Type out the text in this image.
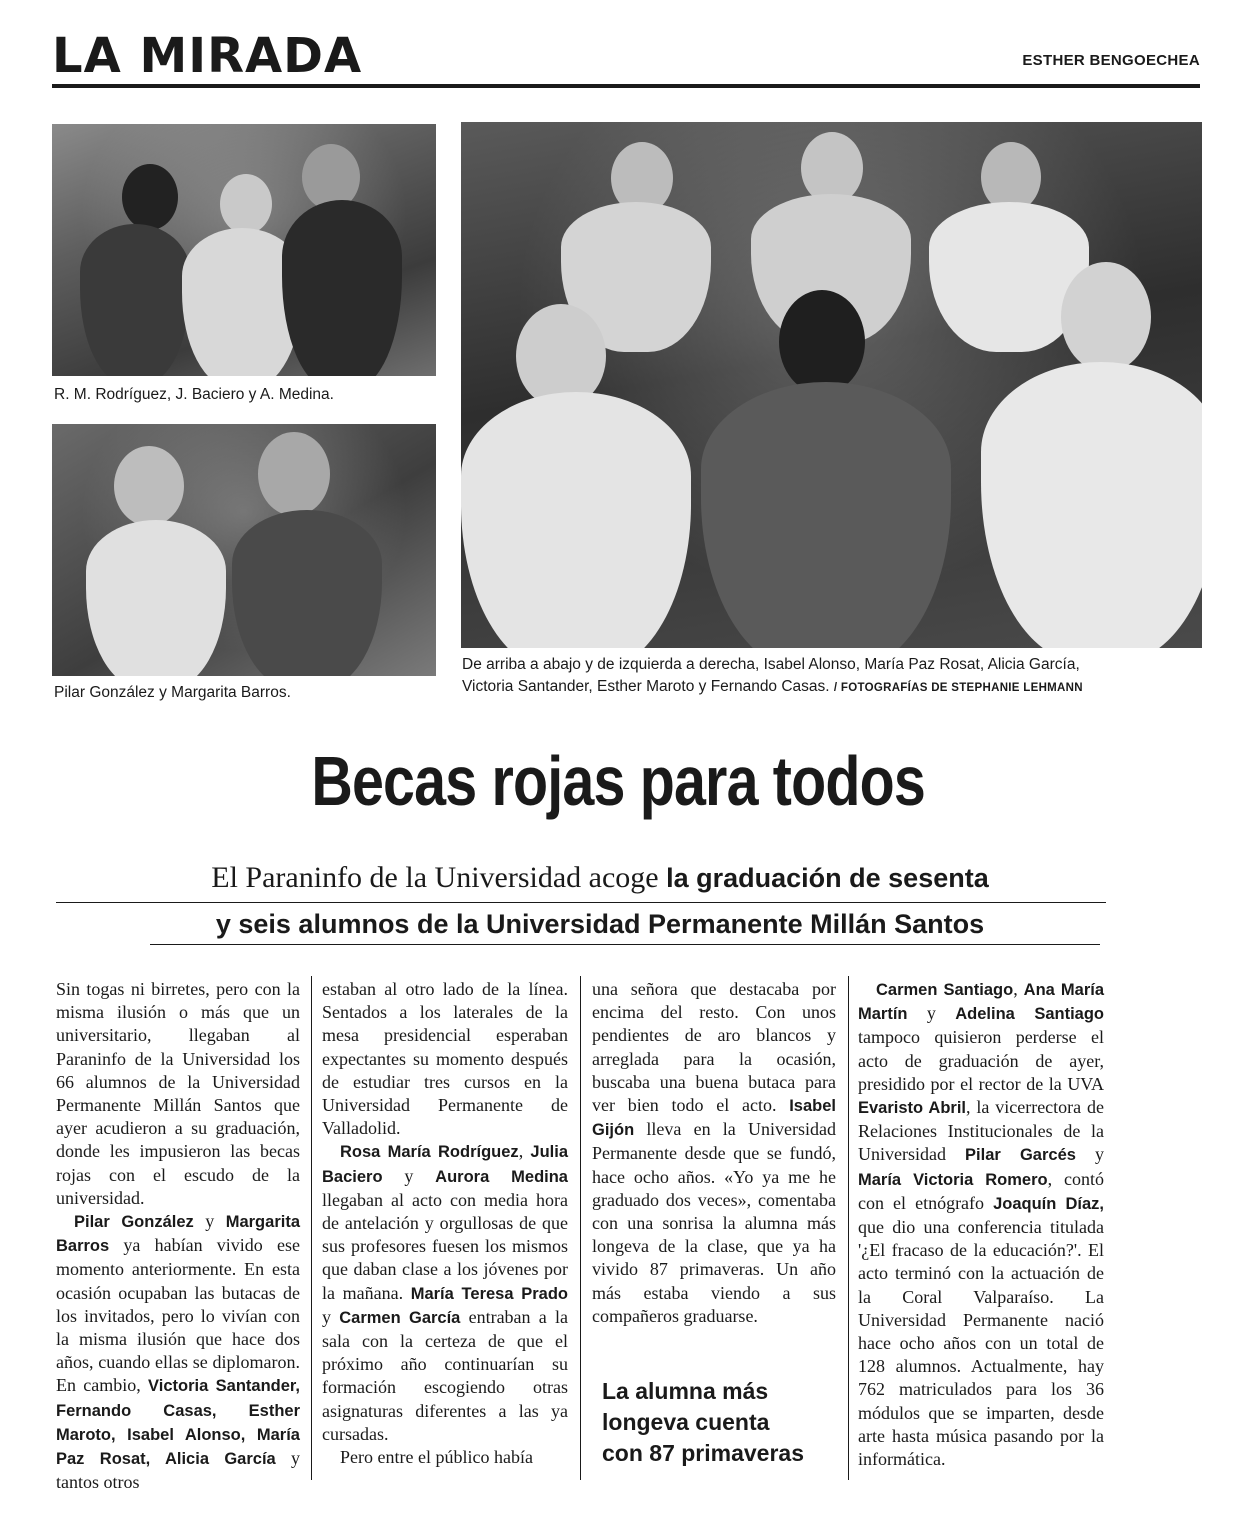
LA MIRADA	ESTHER BENGOECHEA
R. M. Rodríguez, J. Baciero y A. Medina.
Pilar González y Margarita Barros.
De arriba a abajo y de izquierda a derecha, Isabel Alonso, María Paz Rosat, Alicia García,
Victoria Santander, Esther Maroto y Fernando Casas. / FOTOGRAFÍAS DE STEPHANIE LEHMANN
Becas rojas para todos
El Paraninfo de la Universidad acoge la graduación de sesenta
y seis alumnos de la Universidad Permanente Millán Santos

Sin togas ni birretes, pero con la misma ilusión o más que un universitario, llegaban al Paraninfo de la Universidad los 66 alumnos de la Universidad Permanente Millán Santos que ayer acudieron a su graduación, donde les impusieron las becas rojas con el escudo de la universidad.

Pilar González y Margarita Barros ya habían vivido ese momento anteriormente. En esta ocasión ocupaban las butacas de los invitados, pero lo vivían con la misma ilusión que hace dos años, cuando ellas se diplomaron. En cambio, Victoria Santander, Fernando Casas, Esther Maroto, Isabel Alonso, María Paz Rosat, Alicia García y tantos otros

estaban al otro lado de la línea. Sentados a los laterales de la mesa presidencial esperaban expectantes su momento después de estudiar tres cursos en la Universidad Permanente de Valladolid.

Rosa María Rodríguez, Julia Baciero y Aurora Medina llegaban al acto con media hora de antelación y orgullosas de que sus profesores fuesen los mismos que daban clase a los jóvenes por la mañana. María Teresa Prado y Carmen García entraban a la sala con la certeza de que el próximo año continuarían su formación escogiendo otras asignaturas diferentes a las ya cursadas.

Pero entre el público había

una señora que destacaba por encima del resto. Con unos pendientes de aro blancos y arreglada para la ocasión, buscaba una buena butaca para ver bien todo el acto. Isabel Gijón lleva en la Universidad Permanente desde que se fundó, hace ocho años. «Yo ya me he graduado dos veces», comentaba con una sonrisa la alumna más longeva de la clase, que ya ha vivido 87 primaveras. Un año más estaba viendo a sus compañeros graduarse.

La alumna más
longeva cuenta
con 87 primaveras

Carmen Santiago, Ana María Martín y Adelina Santiago tampoco quisieron perderse el acto de graduación de ayer, presidido por el rector de la UVA Evaristo Abril, la vicerrectora de Relaciones Institucionales de la Universidad Pilar Garcés y María Victoria Romero, contó con el etnógrafo Joaquín Díaz, que dio una conferencia titulada '¿El fracaso de la educación?'. El acto terminó con la actuación de la Coral Valparaíso. La Universidad Permanente nació hace ocho años con un total de 128 alumnos. Actualmente, hay 762 matriculados para los 36 módulos que se imparten, desde arte hasta música pasando por la informática.
